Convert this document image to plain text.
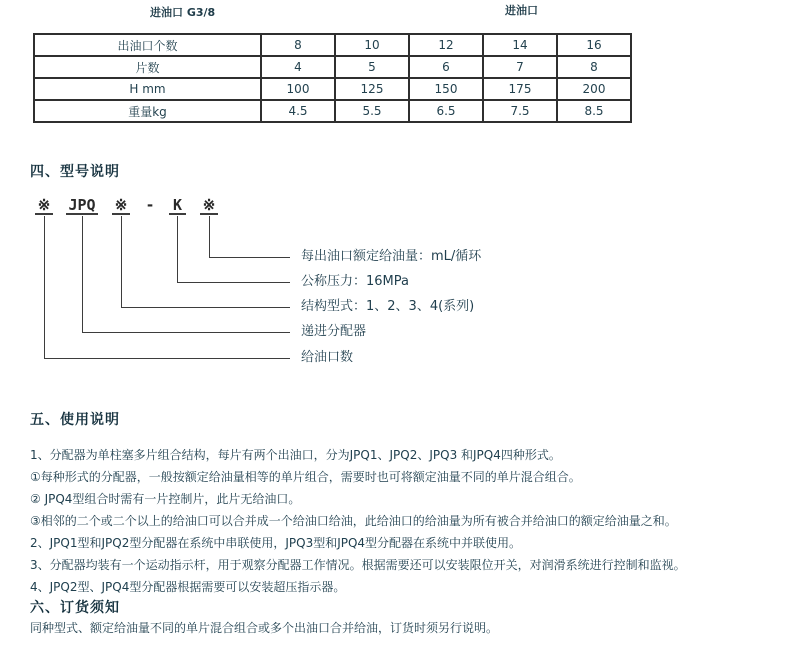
进油口 G3/8	进油口
出油口个数	8	10	12	14	16
片数	4	5	6	7	8
H mm	100	125	150	175	200
重量kg	4.5	5.5	6.5	7.5	8.5
四、型号说明
※ JPQ ※ - K ※
每出油口额定给油量：mL/循环
公称压力：16MPa
结构型式：1、2、3、4(系列)
递进分配器
给油口数
五、使用说明
1、分配器为单柱塞多片组合结构，每片有两个出油口，分为JPQ1、JPQ2、JPQ3 和JPQ4四种形式。
①每种形式的分配器，一般按额定给油量相等的单片组合，需要时也可将额定油量不同的单片混合组合。
② JPQ4型组合时需有一片控制片，此片无给油口。
③相邻的二个或二个以上的给油口可以合并成一个给油口给油，此给油口的给油量为所有被合并给油口的额定给油量之和。
2、JPQ1型和JPQ2型分配器在系统中串联使用，JPQ3型和JPQ4型分配器在系统中并联使用。
3、分配器均装有一个运动指示杆，用于观察分配器工作情况。根据需要还可以安装限位开关，对润滑系统进行控制和监视。
4、JPQ2型、JPQ4型分配器根据需要可以安装超压指示器。
六、订货须知
同种型式、额定给油量不同的单片混合组合或多个出油口合并给油，订货时须另行说明。
